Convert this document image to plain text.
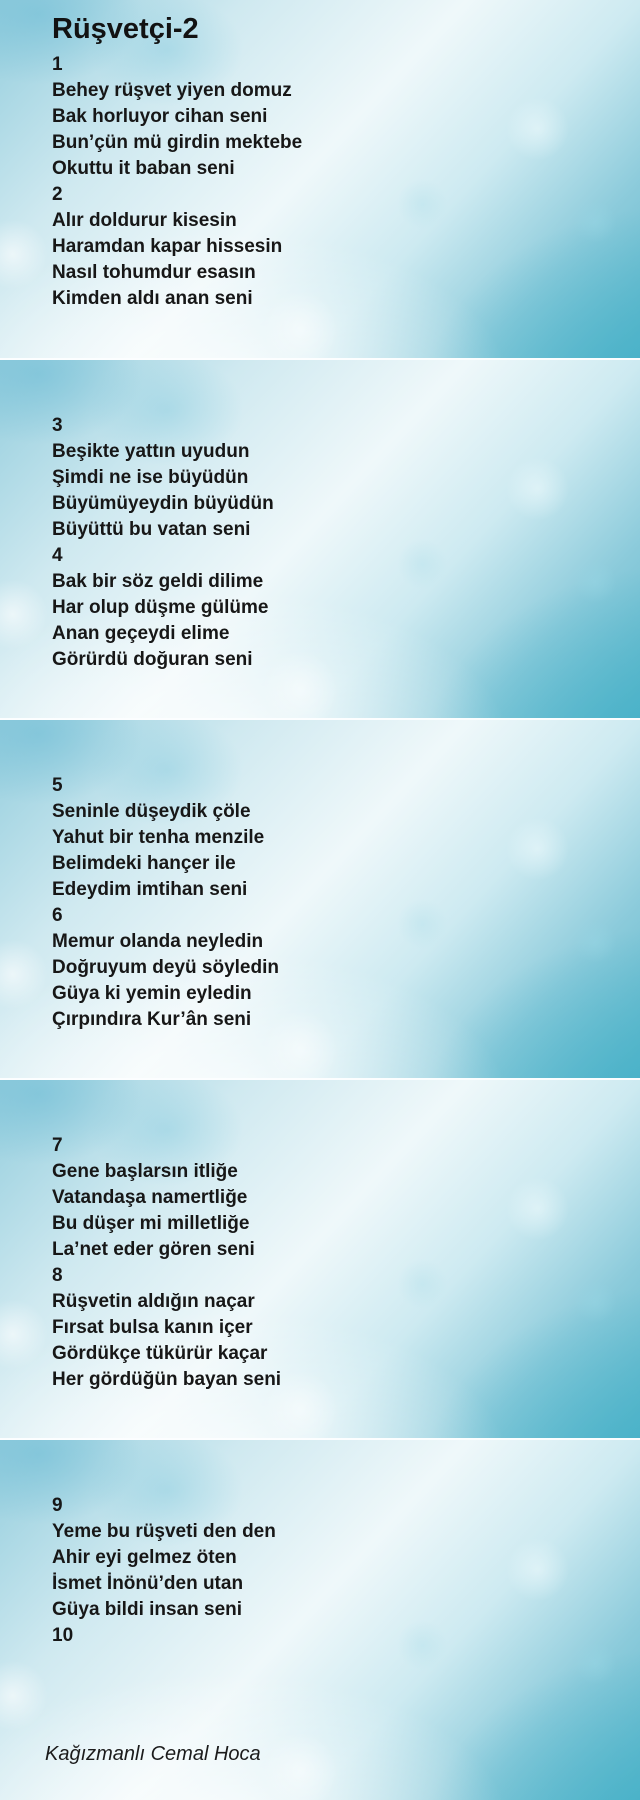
Rüşvetçi-2
1
Behey rüşvet yiyen domuz
Bak horluyor cihan seni
Bun’çün mü girdin mektebe
Okuttu it baban seni
2
Alır doldurur kisesin
Haramdan kapar hissesin
Nasıl tohumdur esasın
Kimden aldı anan seni
3
Beşikte yattın uyudun
Şimdi ne ise büyüdün
Büyümüyeydin büyüdün
Büyüttü bu vatan seni
4
Bak bir söz geldi dilime
Har olup düşme gülüme
Anan geçeydi elime
Görürdü doğuran seni
5
Seninle düşeydik çöle
Yahut bir tenha menzile
Belimdeki hançer ile
Edeydim imtihan seni
6
Memur olanda neyledin
Doğruyum deyü söyledin
Güya ki yemin eyledin
Çırpındıra Kur’ân seni
7
Gene başlarsın itliğe
Vatandaşa namertliğe
Bu düşer mi milletliğe
La’net eder gören seni
8
Rüşvetin aldığın naçar
Fırsat bulsa kanın içer
Gördükçe tükürür kaçar
Her gördüğün bayan seni
9
Yeme bu rüşveti den den
Ahir eyi gelmez öten
İsmet İnönü’den utan
Güya bildi insan seni
10
Kağızmanlı Cemal Hoca
